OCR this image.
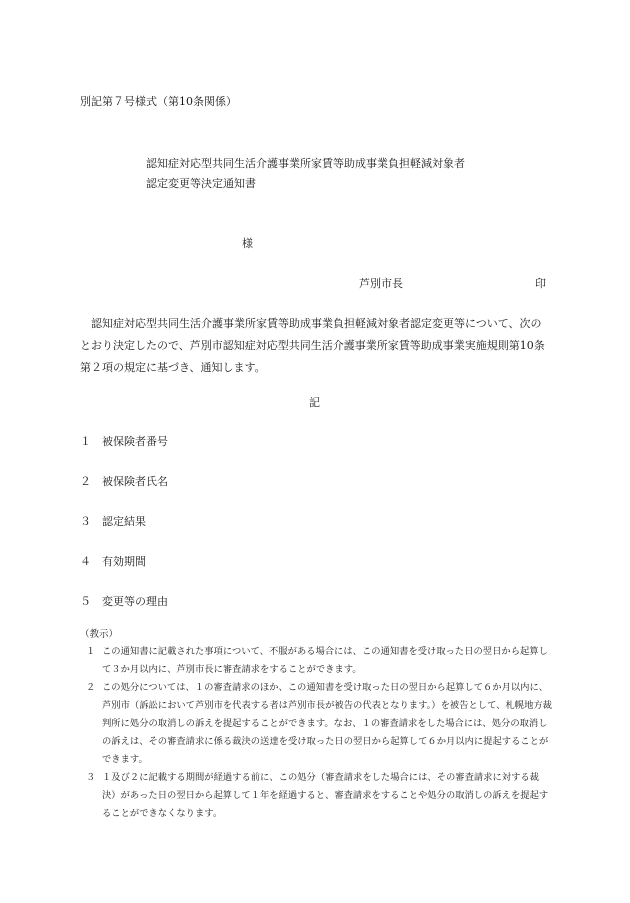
別記第７号様式（第10条関係）
認知症対応型共同生活介護事業所家賃等助成事業負担軽減対象者
認定変更等決定通知書
様
芦別市長	印
認知症対応型共同生活介護事業所家賃等助成事業負担軽減対象者認定変更等について、次のとおり決定したので、芦別市認知症対応型共同生活介護事業所家賃等助成事業実施規則第10条第２項の規定に基づき、通知します。
記
１ 被保険者番号
２ 被保険者氏名
３ 認定結果
４ 有効期間
５ 変更等の理由
（教示）
１ この通知書に記載された事項について、不服がある場合には、この通知書を受け取った日の翌日から起算して３か月以内に、芦別市長に審査請求をすることができます。
２ この処分については、１の審査請求のほか、この通知書を受け取った日の翌日から起算して６か月以内に、芦別市（訴訟において芦別市を代表する者は芦別市長が被告の代表となります。）を被告として、札幌地方裁判所に処分の取消しの訴えを提起することができます。なお、１の審査請求をした場合には、処分の取消しの訴えは、その審査請求に係る裁決の送達を受け取った日の翌日から起算して６か月以内に提起することができます。
３ １及び２に記載する期間が経過する前に、この処分（審査請求をした場合には、その審査請求に対する裁決）があった日の翌日から起算して１年を経過すると、審査請求をすることや処分の取消しの訴えを提起することができなくなります。
